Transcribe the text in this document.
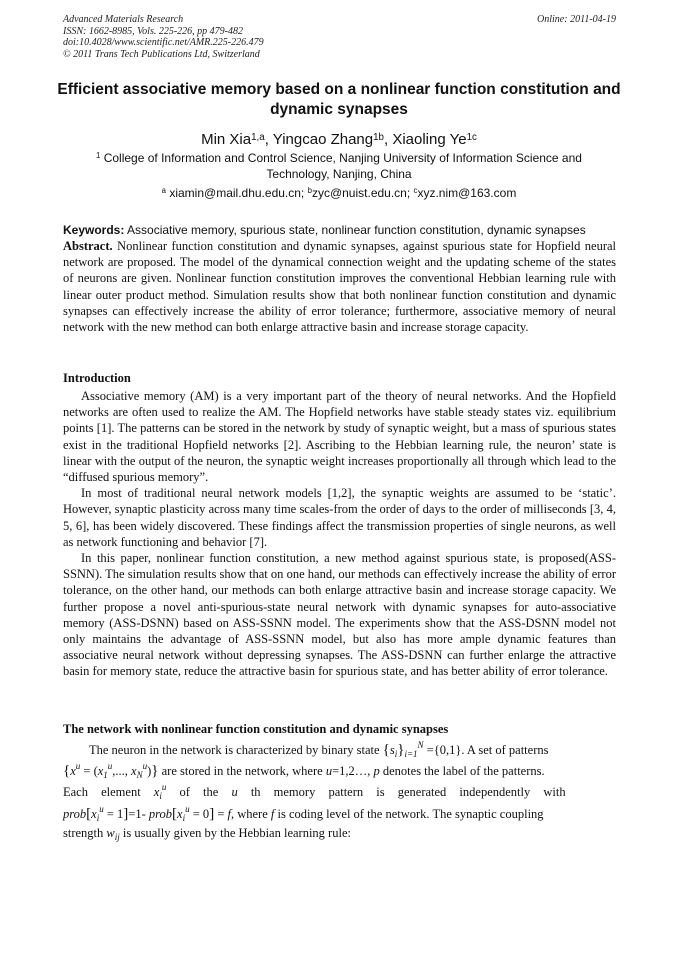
Advanced Materials Research
ISSN: 1662-8985, Vols. 225-226, pp 479-482
doi:10.4028/www.scientific.net/AMR.225-226.479
© 2011 Trans Tech Publications Ltd, Switzerland
Online: 2011-04-19
Efficient associative memory based on a nonlinear function constitution and dynamic synapses
Min Xia$^{1,a}$, Yingcao Zhang$^{1b}$, Xiaoling $Ye^{1c}$
$^1$ College of Information and Control Science, Nanjing University of Information Science and Technology, Nanjing, China
$^a$ xiamin@mail.dhu.edu.cn; $^b$zyc@nuist.edu.cn; $^c$xyz.nim@163.com
Keywords: Associative memory, spurious state, nonlinear function constitution, dynamic synapses
Abstract. Nonlinear function constitution and dynamic synapses, against spurious state for Hopfield neural network are proposed. The model of the dynamical connection weight and the updating scheme of the states of neurons are given. Nonlinear function constitution improves the conventional Hebbian learning rule with linear outer product method. Simulation results show that both nonlinear function constitution and dynamic synapses can effectively increase the ability of error tolerance; furthermore, associative memory of neural network with the new method can both enlarge attractive basin and increase storage capacity.
Introduction

Associative memory (AM) is a very important part of the theory of neural networks. And the Hopfield networks are often used to realize the AM. The Hopfield networks have stable steady states viz. equilibrium points [1]. The patterns can be stored in the network by study of synaptic weight, but a mass of spurious states exist in the traditional Hopfield networks [2]. Ascribing to the Hebbian learning rule, the neuron’ state is linear with the output of the neuron, the synaptic weight increases proportionally all through which lead to the “diffused spurious memory”.

In most of traditional neural network models [1,2], the synaptic weights are assumed to be ‘static’. However, synaptic plasticity across many time scales-from the order of days to the order of milliseconds [3, 4, 5, 6], has been widely discovered. These findings affect the transmission properties of single neurons, as well as network functioning and behavior [7].

In this paper, nonlinear function constitution, a new method against spurious state, is proposed(ASS-SSNN). The simulation results show that on one hand, our methods can effectively increase the ability of error tolerance, on the other hand, our methods can both enlarge attractive basin and increase storage capacity. We further propose a novel anti-spurious-state neural network with dynamic synapses for auto-associative memory (ASS-DSNN) based on ASS-SSNN model. The experiments show that the ASS-DSNN model not only maintains the advantage of ASS-SSNN model, but also has more ample dynamic features than associative neural network without depressing synapses. The ASS-DSNN can further enlarge the attractive basin for memory state, reduce the attractive basin for spurious state, and has better ability of error tolerance.

The network with nonlinear function constitution and dynamic synapses
The neuron in the network is characterized by binary state $\{s_i\}_{i=1}^N =\{0,1\}$. A set of patterns
{$x^u = (x_1^u$,..., $x_N^u$)} are stored in the network, where u=1,2…, p denotes the label of the patterns.
Each element $x_i^u$ of the u th memory pattern is generated independently with
$prob[x_i^u = 1]=1-$ $prob[x_i^u = 0] = f$, where f is coding level of the network. The synaptic coupling
strength $w_{ij}$ is usually given by the Hebbian learning rule:
